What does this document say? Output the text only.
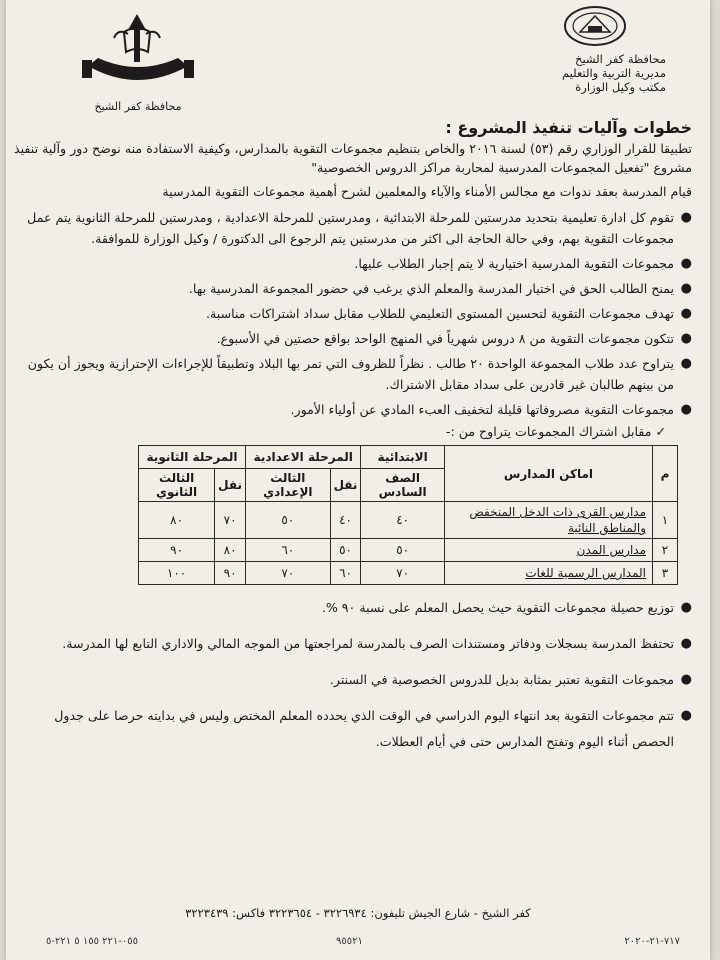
محافظة كفر الشيخ
مديرية التربية والتعليم
مكتب وكيل الوزارة
محافظة كفر الشيخ
خطوات وآليات تنفيذ المشروع :
تطبيقا للقرار الوزاري رقم (٥٣) لسنة ٢٠١٦ والخاص بتنظيم مجموعات التقوية بالمدارس، وكيفية الاستفادة منه نوضح دور وآلية تنفيذ مشروع "تفعيل المجموعات المدرسية لمحاربة مراكز الدروس الخصوصية"
قيام المدرسة بعقد ندوات مع مجالس الأمناء والآباء والمعلمين لشرح أهمية مجموعات التقوية المدرسية
●
تقوم كل ادارة تعليمية بتحديد مدرستين للمرحلة الابتدائية ، ومدرستين للمرحلة الاعدادية ، ومدرستين للمرحلة الثانوية يتم عمل مجموعات التقوية بهم، وفي حالة الحاجة الى اكثر من مدرستين يتم الرجوع الى الدكتورة / وكيل الوزارة للموافقة.
●
مجموعات التقوية المدرسية اختيارية لا يتم إجبار الطلاب عليها.
●
يمنح الطالب الحق في اختيار المدرسة والمعلم الذي يرغب في حضور المجموعة المدرسية بها.
●
تهدف مجموعات التقوية لتحسين المستوى التعليمي للطلاب مقابل سداد اشتراكات مناسبة.
●
تتكون مجموعات التقوية من ٨ دروس شهرياً في المنهج الواحد بواقع حصتين في الأسبوع.
●
يتراوح عدد طلاب المجموعة الواحدة ٢٠ طالب . نظراً للظروف التي تمر بها البلاد وتطبيقاً للإجراءات الإحترازية ويجوز أن يكون من بينهم طالبان غير قادرين على سداد مقابل الاشتراك.
●
مجموعات التقوية مصروفاتها قليلة لتخفيف العبء المادي عن أولياء الأمور.
✓ مقابل اشتراك المجموعات يتراوح من :-
م	اماكن المدارس	الابتدائية	المرحلة الاعدادية		المرحلة الثانوية	
		الصف السادس	نقل	الثالث الإعدادي	نقل	الثالث الثانوي
١	مدارس القرى ذات الدخل المنخفض والمناطق النائية	٤٠	٤٠	٥٠	٧٠	٨٠
٢	مدارس المدن	٥٠	٥٠	٦٠	٨٠	٩٠
٣	المدارس الرسمية للغات	٧٠	٦٠	٧٠	٩٠	١٠٠
●
توزيع حصيلة مجموعات التقوية حيث يحصل المعلم على نسبة ٩٠ %.
●
تحتفظ المدرسة بسجلات ودفاتر ومستندات الصرف بالمدرسة لمراجعتها من الموجه المالي والاداري التابع لها المدرسة.
●
مجموعات التقوية تعتبر بمثابة بديل للدروس الخصوصية في السنتر.
●
تتم مجموعات التقوية بعد انتهاء اليوم الدراسي في الوقت الذي يحدده المعلم المختص وليس في بدايته حرصا على جدول الحصص أثناء اليوم وتفتح المدارس حتى في أيام العطلات.
كفر الشيخ - شارع الجيش تليفون: ٣٢٢٦٩٣٤ - ٣٢٢٣٦٥٤ فاكس: ٣٢٢٣٤٣٩
٧١٧-٢١-٢٠٢٠
٩٥٥٢١
٠٥٥-٢٢١ ١٥٥ ٥ ٢٢١-٥
